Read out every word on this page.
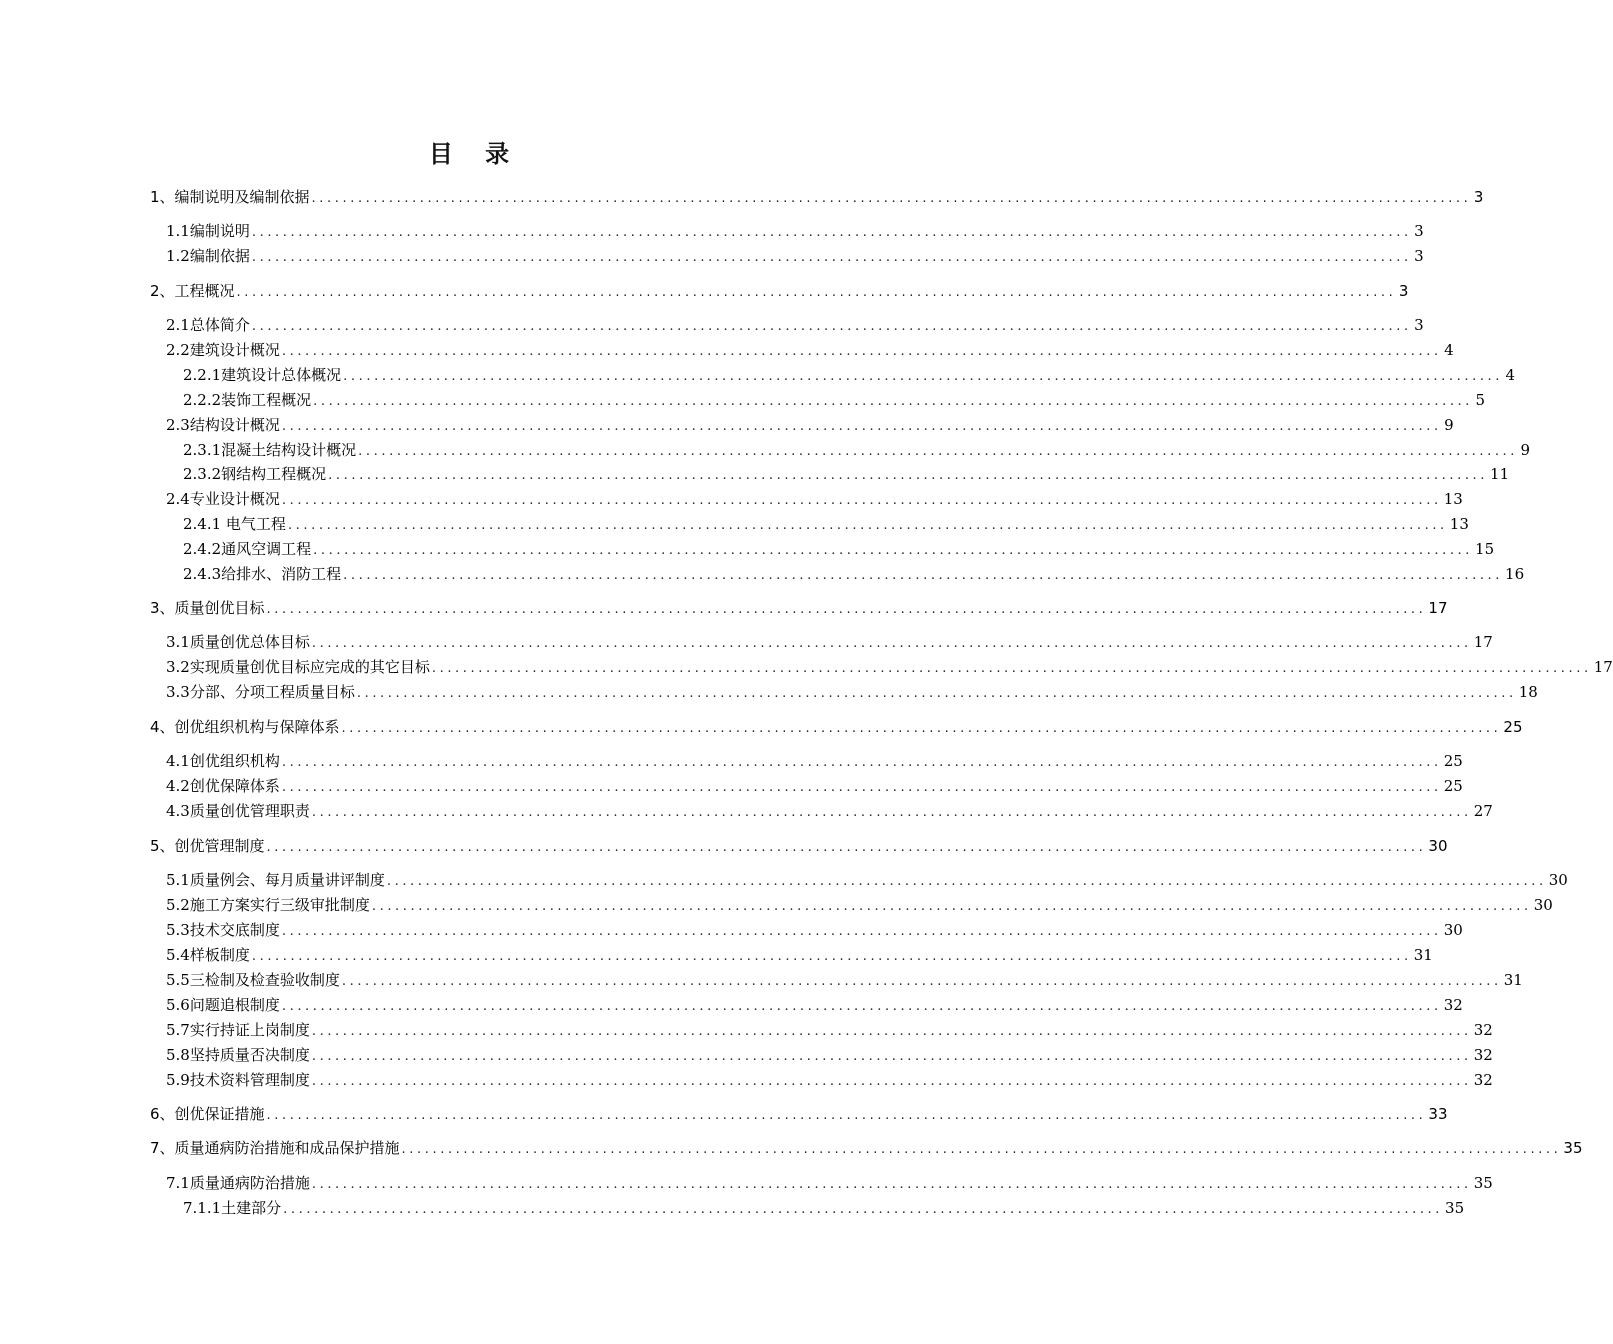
目 录
1、编制说明及编制依据 ...................................................................................................................................................... 3
1.1编制说明 ...................................................................................................................................................... 3
1.2编制依据 ...................................................................................................................................................... 3
2、工程概况 ...................................................................................................................................................... 3
2.1总体简介 ...................................................................................................................................................... 3
2.2建筑设计概况 ...................................................................................................................................................... 4
2.2.1建筑设计总体概况 ...................................................................................................................................................... 4
2.2.2装饰工程概况 ...................................................................................................................................................... 5
2.3结构设计概况 ...................................................................................................................................................... 9
2.3.1混凝土结构设计概况 ...................................................................................................................................................... 9
2.3.2钢结构工程概况 ...................................................................................................................................................... 11
2.4专业设计概况 ...................................................................................................................................................... 13
2.4.1 电气工程 ...................................................................................................................................................... 13
2.4.2通风空调工程 ...................................................................................................................................................... 15
2.4.3给排水、消防工程 ...................................................................................................................................................... 16
3、质量创优目标 ...................................................................................................................................................... 17
3.1质量创优总体目标 ...................................................................................................................................................... 17
3.2实现质量创优目标应完成的其它目标 ...................................................................................................................................................... 17
3.3分部、分项工程质量目标 ...................................................................................................................................................... 18
4、创优组织机构与保障体系 ...................................................................................................................................................... 25
4.1创优组织机构 ...................................................................................................................................................... 25
4.2创优保障体系 ...................................................................................................................................................... 25
4.3质量创优管理职责 ...................................................................................................................................................... 27
5、创优管理制度 ...................................................................................................................................................... 30
5.1质量例会、每月质量讲评制度 ...................................................................................................................................................... 30
5.2施工方案实行三级审批制度 ...................................................................................................................................................... 30
5.3技术交底制度 ...................................................................................................................................................... 30
5.4样板制度 ...................................................................................................................................................... 31
5.5三检制及检查验收制度 ...................................................................................................................................................... 31
5.6问题追根制度 ...................................................................................................................................................... 32
5.7实行持证上岗制度 ...................................................................................................................................................... 32
5.8坚持质量否决制度 ...................................................................................................................................................... 32
5.9技术资料管理制度 ...................................................................................................................................................... 32
6、创优保证措施 ...................................................................................................................................................... 33
7、质量通病防治措施和成品保护措施 ...................................................................................................................................................... 35
7.1质量通病防治措施 ...................................................................................................................................................... 35
7.1.1土建部分 ...................................................................................................................................................... 35
